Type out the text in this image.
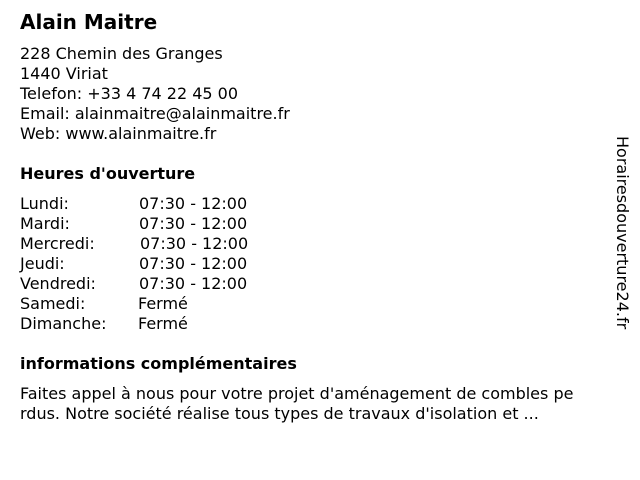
Alain Maitre
228 Chemin des Granges
1440 Viriat
Telefon: +33 4 74 22 45 00
Email: alainmaitre@alainmaitre.fr
Web: www.alainmaitre.fr
Heures d'ouverture
Lundi:	07:30 - 12:00
Mardi:	07:30 - 12:00
Mercredi:	07:30 - 12:00
Jeudi:	07:30 - 12:00
Vendredi:	07:30 - 12:00
Samedi:	Fermé
Dimanche: Fermé
informations complémentaires
Faites appel à nous pour votre projet d'aménagement de combles pe
rdus. Notre société réalise tous types de travaux d'isolation et ...
Horairesdouverture24.fr
